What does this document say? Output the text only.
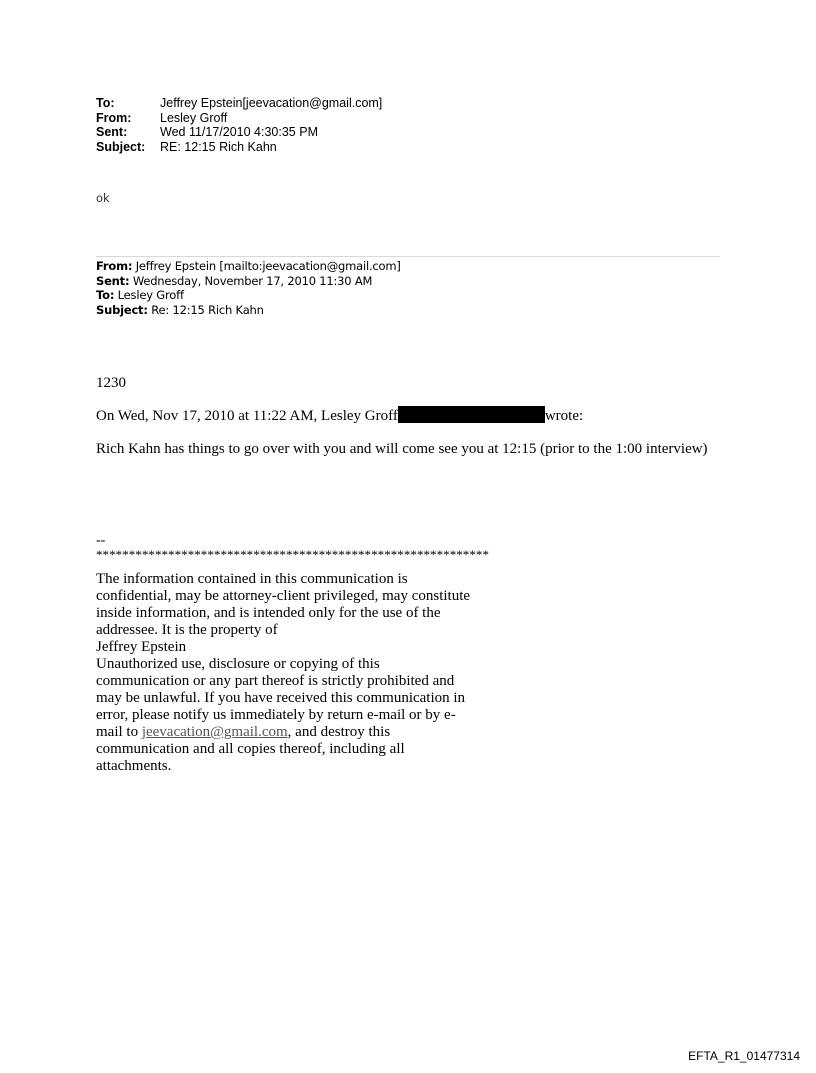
To:	Jeffrey Epstein[jeevacation@gmail.com]
From:	Lesley Groff
Sent:	Wed 11/17/2010 4:30:35 PM
Subject:	RE: 12:15 Rich Kahn
ok
From: Jeffrey Epstein [mailto:jeevacation@gmail.com]
Sent: Wednesday, November 17, 2010 11:30 AM
To: Lesley Groff
Subject: Re: 12:15 Rich Kahn
1230
On Wed, Nov 17, 2010 at 11:22 AM, Lesley Groff	wrote:
Rich Kahn has things to go over with you and will come see you at 12:15 (prior to the 1:00 interview)
--
************************************************************
The information contained in this communication is confidential, may be attorney-client privileged, may constitute inside information, and is intended only for the use of the addressee. It is the property of
Jeffrey Epstein
Unauthorized use, disclosure or copying of this communication or any part thereof is strictly prohibited and may be unlawful. If you have received this communication in error, please notify us immediately by return e-mail or by e-mail to jeevacation@gmail.com, and destroy this communication and all copies thereof, including all attachments.
EFTA_R1_01477314
